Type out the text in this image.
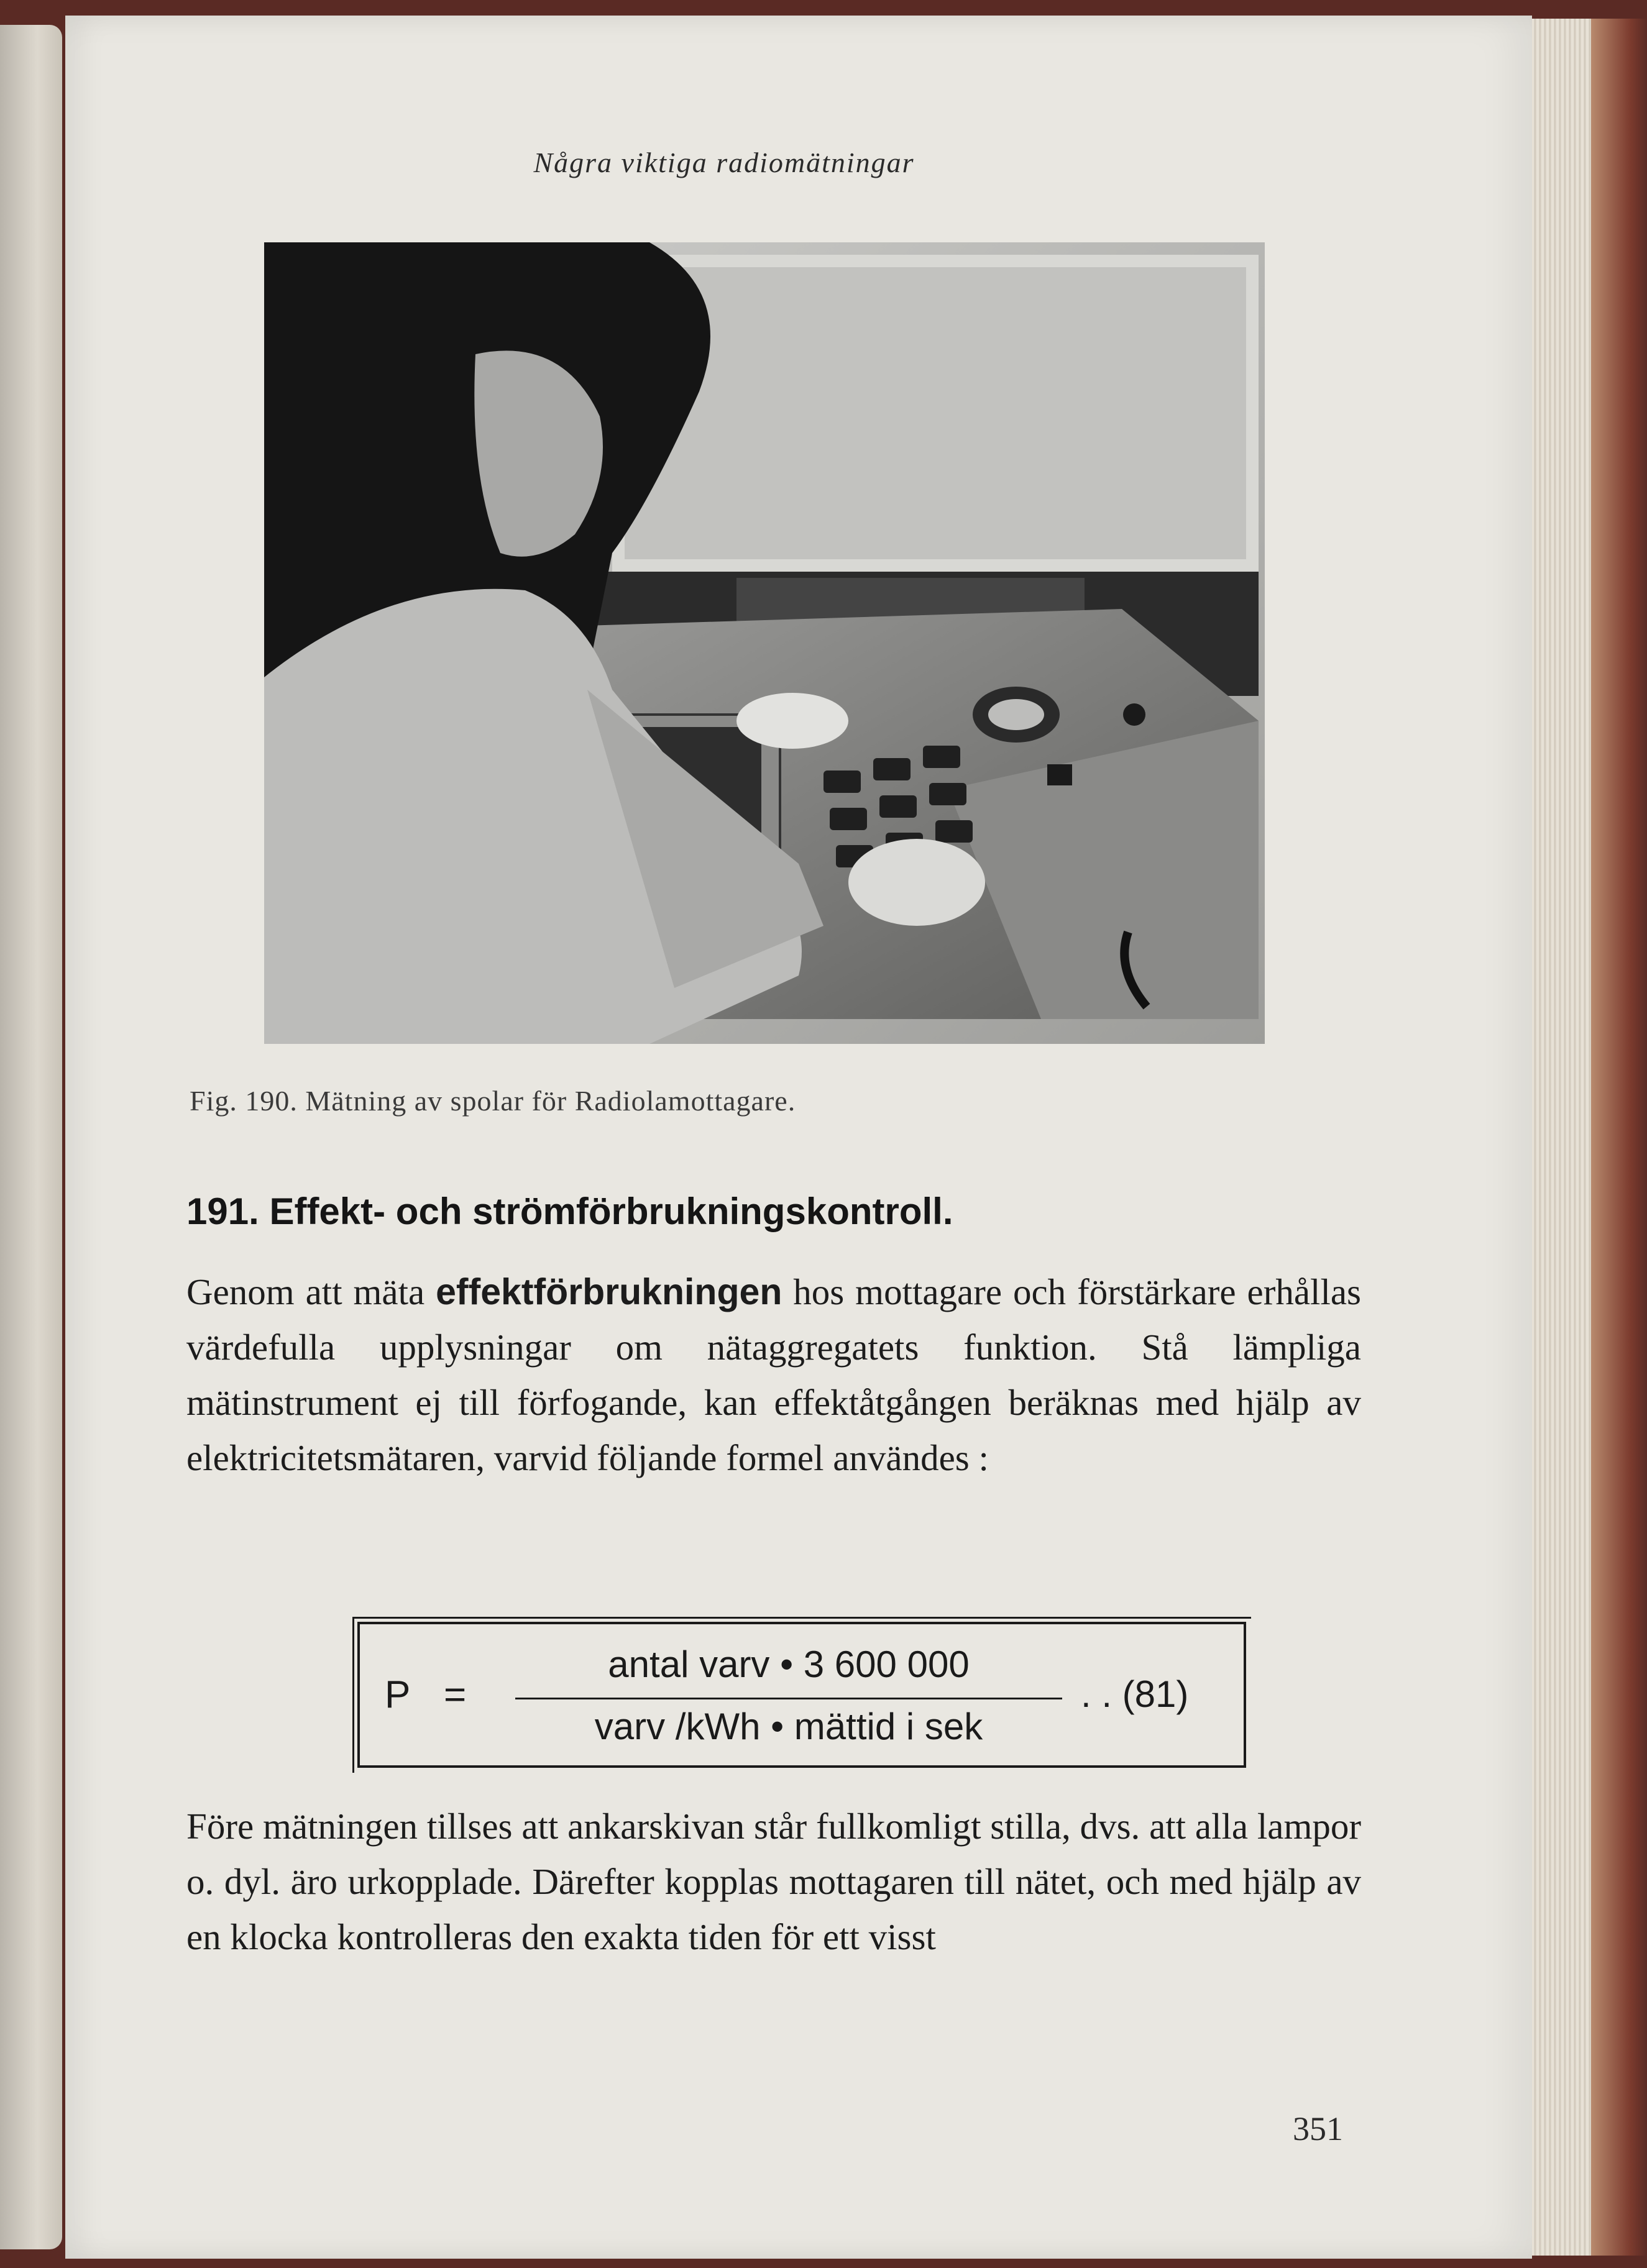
Några viktiga radiomätningar
Fig. 190. Mätning av spolar för Radiolamottagare.
191. Effekt- och strömförbrukningskontroll.
Genom att mäta effektförbrukningen hos mottagare och förstärkare erhållas värdefulla upplysningar om nätaggregatets funktion. Stå lämpliga mätinstrument ej till förfogande, kan effektåtgången beräknas med hjälp av elektricitetsmätaren, varvid följande formel användes :
P =
antal varv • 3 600 000
varv /kWh • mättid i sek
. . (81)
Före mätningen tillses att ankarskivan står fullkomligt stilla, dvs. att alla lampor o. dyl. äro urkopplade. Därefter kopplas mottagaren till nätet, och med hjälp av en klocka kontrolleras den exakta tiden för ett visst
351
